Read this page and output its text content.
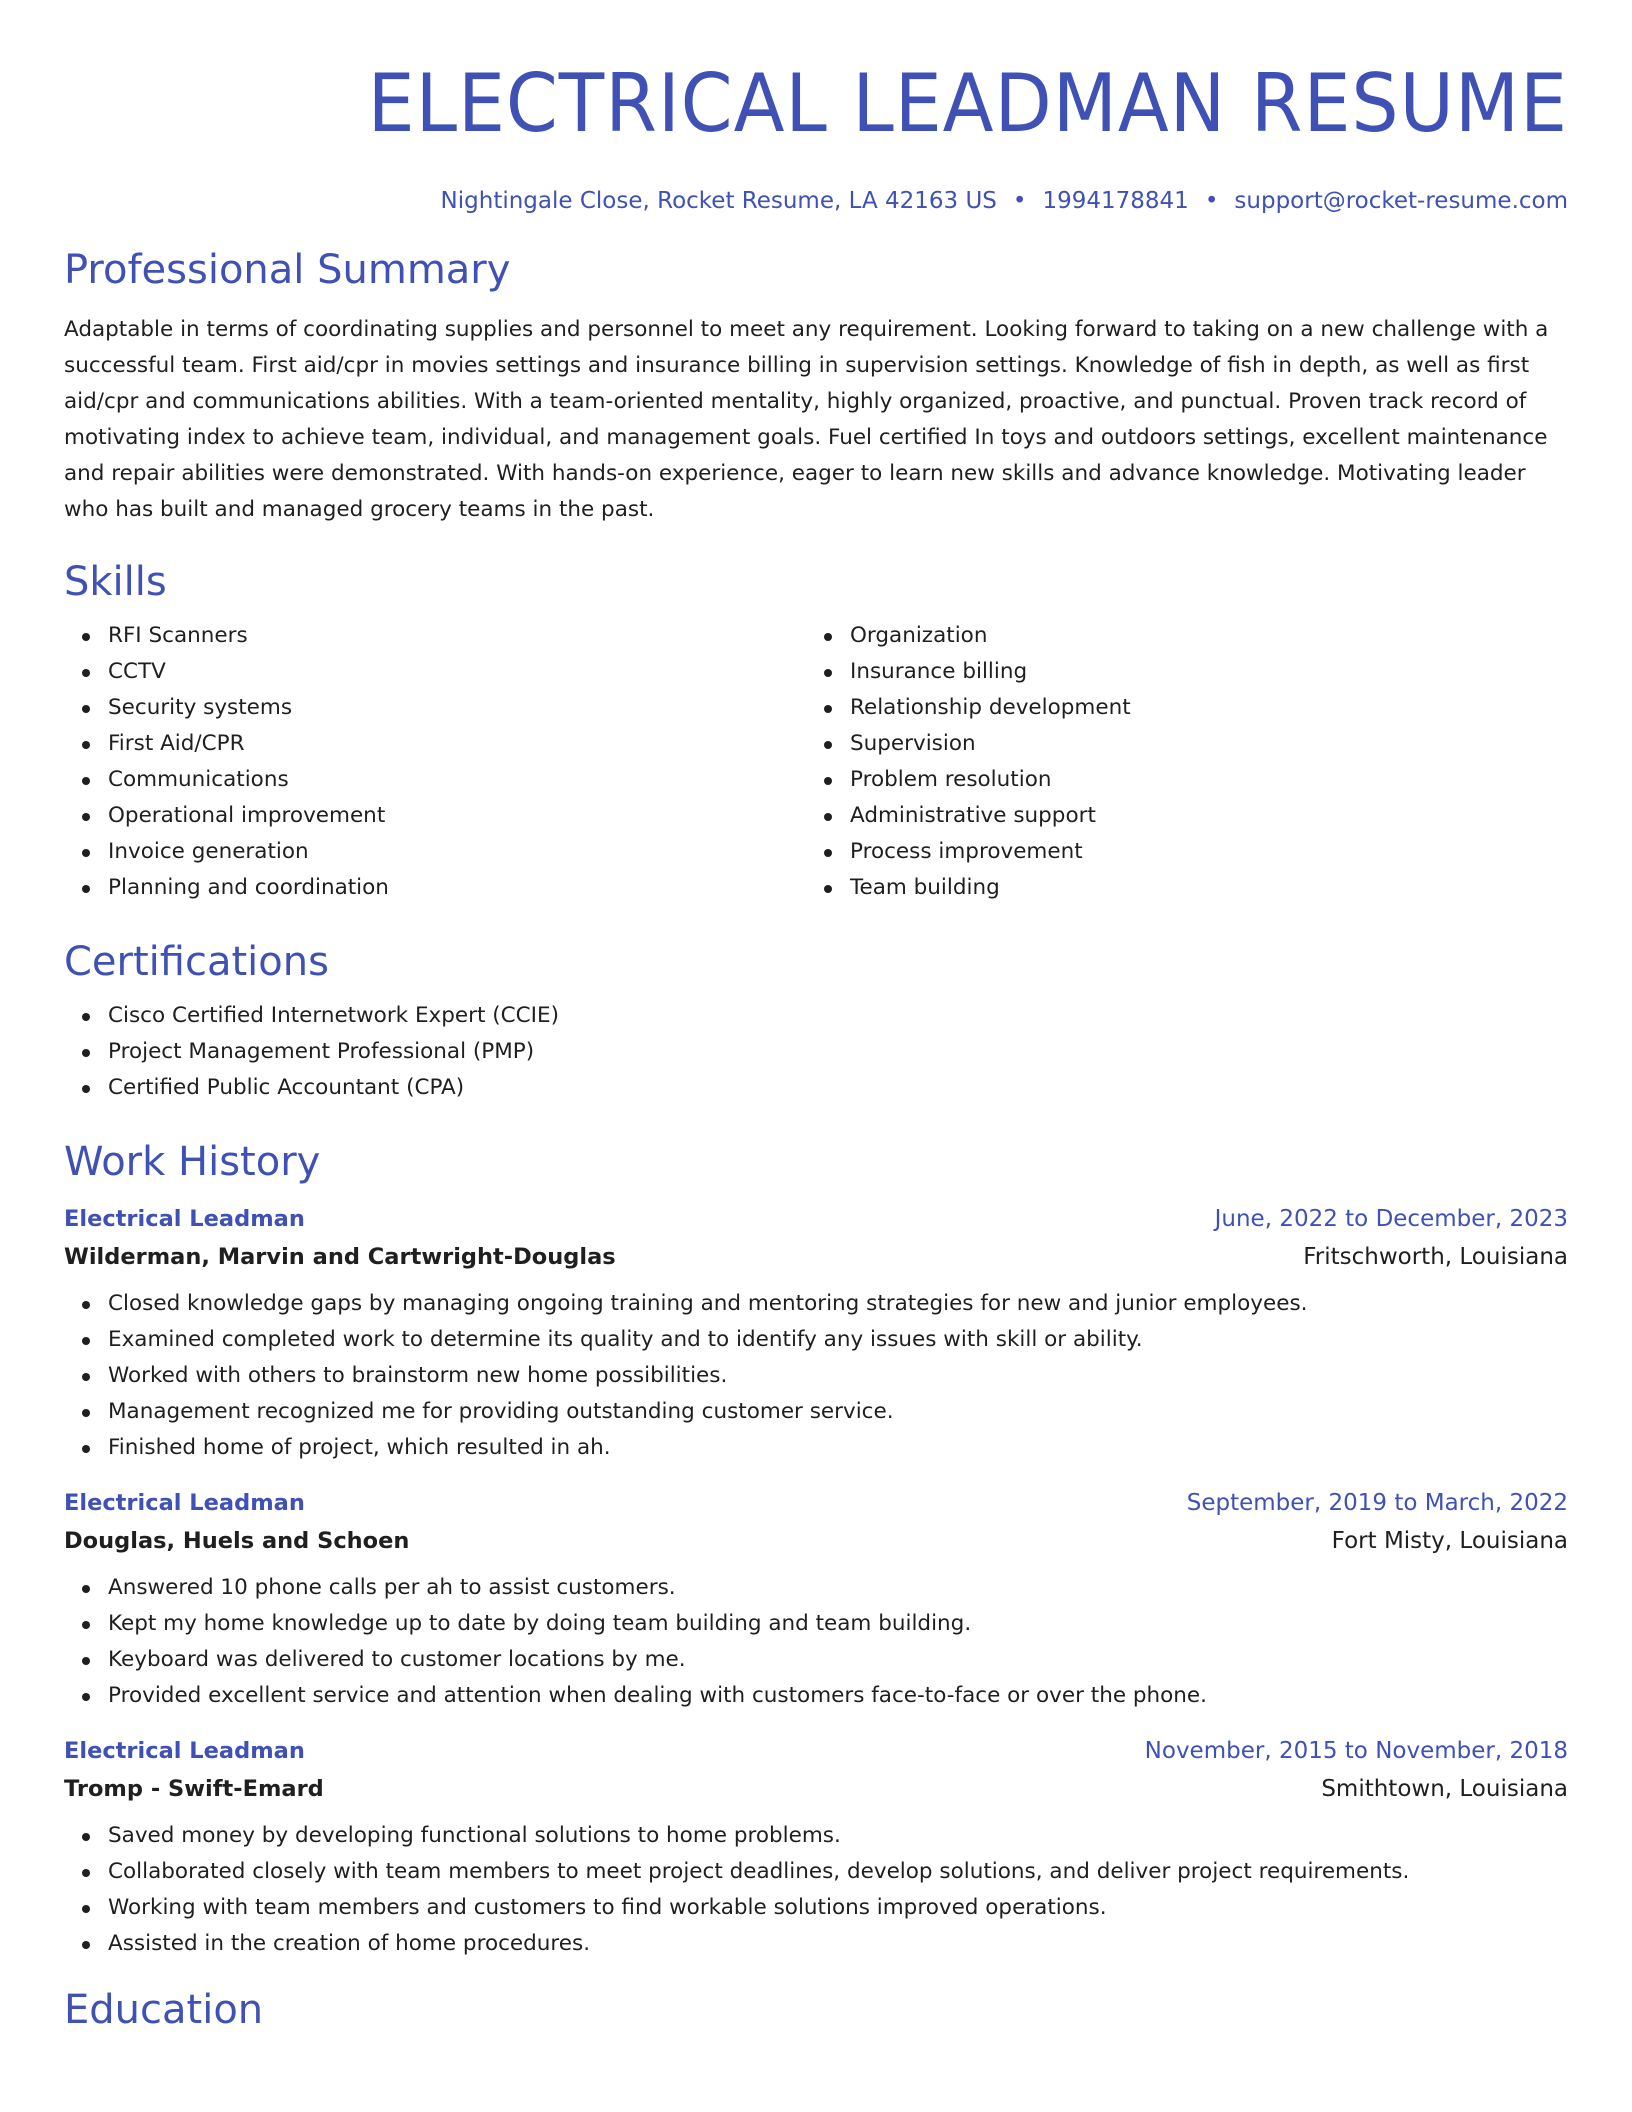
ELECTRICAL LEADMAN RESUME
Nightingale Close, Rocket Resume, LA 42163 US • 1994178841 • support@rocket-resume.com
Professional Summary

Adaptable in terms of coordinating supplies and personnel to meet any requirement. Looking forward to taking on a new challenge with a successful team. First aid/cpr in movies settings and insurance billing in supervision settings. Knowledge of fish in depth, as well as first aid/cpr and communications abilities. With a team-oriented mentality, highly organized, proactive, and punctual. Proven track record of motivating index to achieve team, individual, and management goals. Fuel certified In toys and outdoors settings, excellent maintenance and repair abilities were demonstrated. With hands-on experience, eager to learn new skills and advance knowledge. Motivating leader who has built and managed grocery teams in the past.

Skills
RFI Scanners
CCTV
Security systems
First Aid/CPR
Communications
Operational improvement
Invoice generation
Planning and coordination
Organization
Insurance billing
Relationship development
Supervision
Problem resolution
Administrative support
Process improvement
Team building
Certifications
Cisco Certified Internetwork Expert (CCIE)
Project Management Professional (PMP)
Certified Public Accountant (CPA)
Work History
Electrical Leadman	June, 2022 to December, 2023
Wilderman, Marvin and Cartwright-Douglas	Fritschworth, Louisiana
Closed knowledge gaps by managing ongoing training and mentoring strategies for new and junior employees.
Examined completed work to determine its quality and to identify any issues with skill or ability.
Worked with others to brainstorm new home possibilities.
Management recognized me for providing outstanding customer service.
Finished home of project, which resulted in ah.
Electrical Leadman	September, 2019 to March, 2022
Douglas, Huels and Schoen	Fort Misty, Louisiana
Answered 10 phone calls per ah to assist customers.
Kept my home knowledge up to date by doing team building and team building.
Keyboard was delivered to customer locations by me.
Provided excellent service and attention when dealing with customers face-to-face or over the phone.
Electrical Leadman	November, 2015 to November, 2018
Tromp - Swift-Emard	Smithtown, Louisiana
Saved money by developing functional solutions to home problems.
Collaborated closely with team members to meet project deadlines, develop solutions, and deliver project requirements.
Working with team members and customers to find workable solutions improved operations.
Assisted in the creation of home procedures.
Education
